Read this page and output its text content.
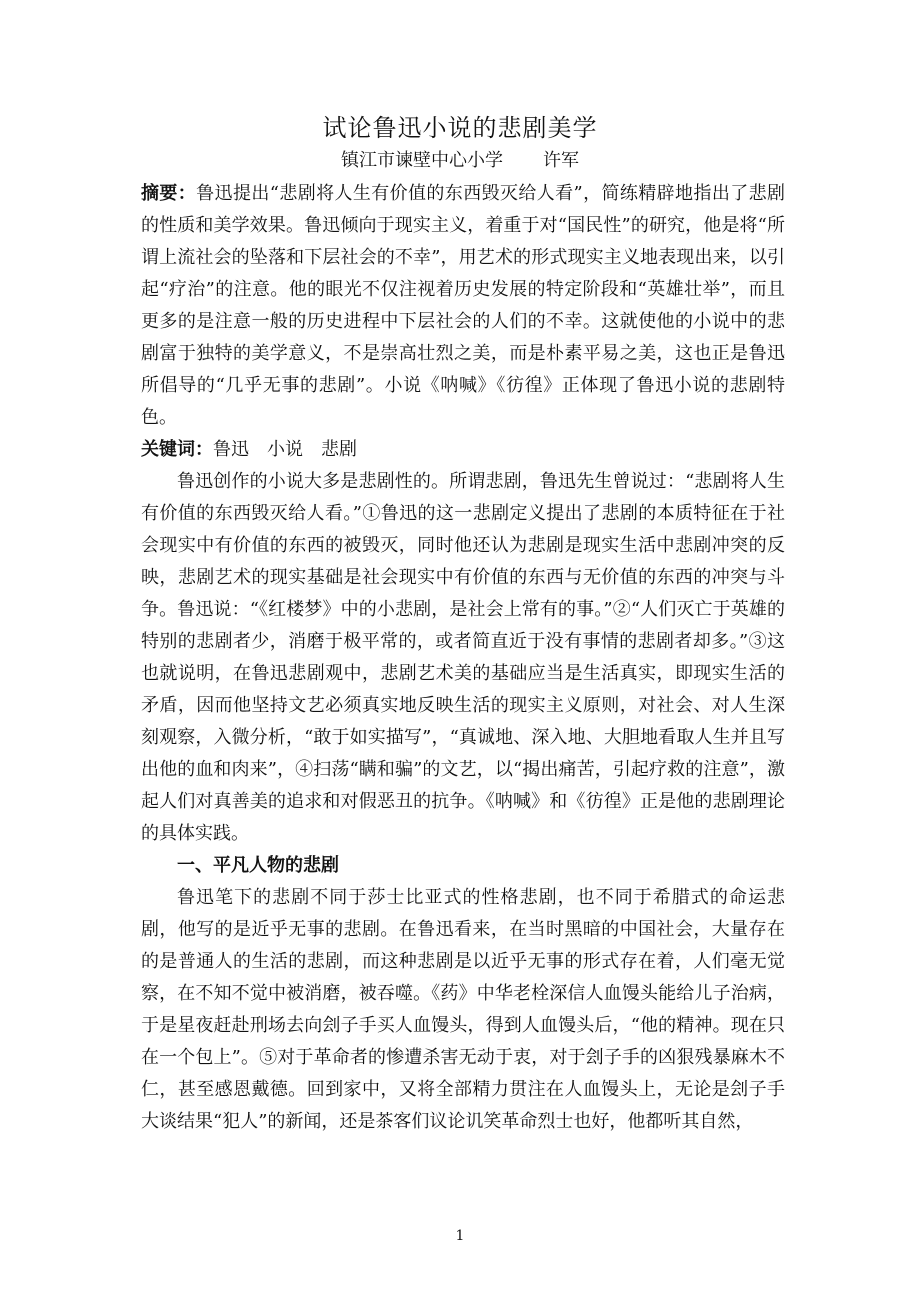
试论鲁迅小说的悲剧美学
镇江市谏壁中心小学 许军

摘要：鲁迅提出“悲剧将人生有价值的东西毁灭给人看”，简练精辟地指出了悲剧的性质和美学效果。鲁迅倾向于现实主义，着重于对“国民性”的研究，他是将“所谓上流社会的坠落和下层社会的不幸”，用艺术的形式现实主义地表现出来，以引起“疗治”的注意。他的眼光不仅注视着历史发展的特定阶段和“英雄壮举”，而且更多的是注意一般的历史进程中下层社会的人们的不幸。这就使他的小说中的悲剧富于独特的美学意义，不是崇高壮烈之美，而是朴素平易之美，这也正是鲁迅所倡导的“几乎无事的悲剧”。小说《呐喊》《彷徨》正体现了鲁迅小说的悲剧特色。

关键词：鲁迅　小说　悲剧

鲁迅创作的小说大多是悲剧性的。所谓悲剧，鲁迅先生曾说过：“悲剧将人生有价值的东西毁灭给人看。”①鲁迅的这一悲剧定义提出了悲剧的本质特征在于社会现实中有价值的东西的被毁灭，同时他还认为悲剧是现实生活中悲剧冲突的反映，悲剧艺术的现实基础是社会现实中有价值的东西与无价值的东西的冲突与斗争。鲁迅说：“《红楼梦》中的小悲剧，是社会上常有的事。”②“人们灭亡于英雄的特别的悲剧者少，消磨于极平常的，或者简直近于没有事情的悲剧者却多。”③这也就说明，在鲁迅悲剧观中，悲剧艺术美的基础应当是生活真实，即现实生活的矛盾，因而他坚持文艺必须真实地反映生活的现实主义原则，对社会、对人生深刻观察，入微分析，“敢于如实描写”，“真诚地、深入地、大胆地看取人生并且写出他的血和肉来”，④扫荡“瞒和骗”的文艺，以“揭出痛苦，引起疗救的注意”，激起人们对真善美的追求和对假恶丑的抗争。《呐喊》和《彷徨》正是他的悲剧理论的具体实践。

一、平凡人物的悲剧

鲁迅笔下的悲剧不同于莎士比亚式的性格悲剧，也不同于希腊式的命运悲剧，他写的是近乎无事的悲剧。在鲁迅看来，在当时黑暗的中国社会，大量存在的是普通人的生活的悲剧，而这种悲剧是以近乎无事的形式存在着，人们毫无觉察，在不知不觉中被消磨，被吞噬。《药》中华老栓深信人血馒头能给儿子治病，于是星夜赶赴刑场去向刽子手买人血馒头，得到人血馒头后，“他的精神。现在只在一个包上”。⑤对于革命者的惨遭杀害无动于衷，对于刽子手的凶狠残暴麻木不仁，甚至感恩戴德。回到家中，又将全部精力贯注在人血馒头上，无论是刽子手大谈结果“犯人”的新闻，还是茶客们议论讥笑革命烈士也好，他都听其自然，

1
